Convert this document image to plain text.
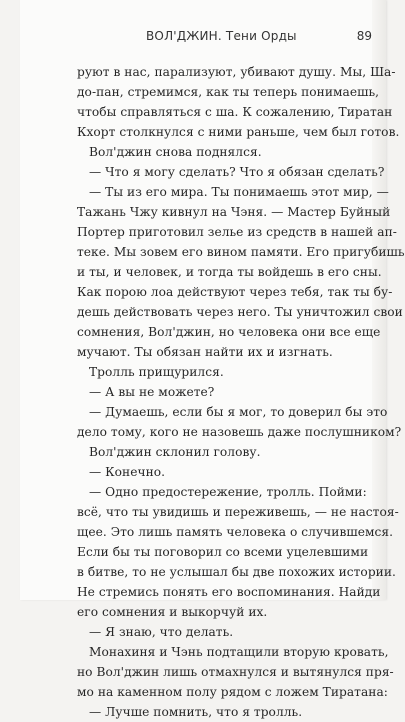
ВОЛ'ДЖИН. Тени Орды	89
руют в нас, парализуют, убивают душу. Мы, Ша-
до-пан, стремимся, как ты теперь понимаешь,
чтобы справляться с ша. К сожалению, Тиратан
Кхорт столкнулся с ними раньше, чем был готов.
Вол'джин снова поднялся.
— Что я могу сделать? Что я обязан сделать?
— Ты из его мира. Ты понимаешь этот мир, —
Тажань Чжу кивнул на Чэня. — Мастер Буйный
Портер приготовил зелье из средств в нашей ап-
теке. Мы зовем его вином памяти. Его пригубишь
и ты, и человек, и тогда ты войдешь в его сны.
Как порою лоа действуют через тебя, так ты бу-
дешь действовать через него. Ты уничтожил свои
сомнения, Вол'джин, но человека они все еще
мучают. Ты обязан найти их и изгнать.
Тролль прищурился.
— А вы не можете?
— Думаешь, если бы я мог, то доверил бы это
дело тому, кого не назовешь даже послушником?
Вол'джин склонил голову.
— Конечно.
— Одно предостережение, тролль. Пойми:
всё, что ты увидишь и переживешь, — не настоя-
щее. Это лишь память человека о случившемся.
Если бы ты поговорил со всеми уцелевшими
в битве, то не услышал бы две похожих истории.
Не стремись понять его воспоминания. Найди
его сомнения и выкорчуй их.
— Я знаю, что делать.
Монахиня и Чэнь подтащили вторую кровать,
но Вол'джин лишь отмахнулся и вытянулся пря-
мо на каменном полу рядом с ложем Тиратана:
— Лучше помнить, что я тролль.
